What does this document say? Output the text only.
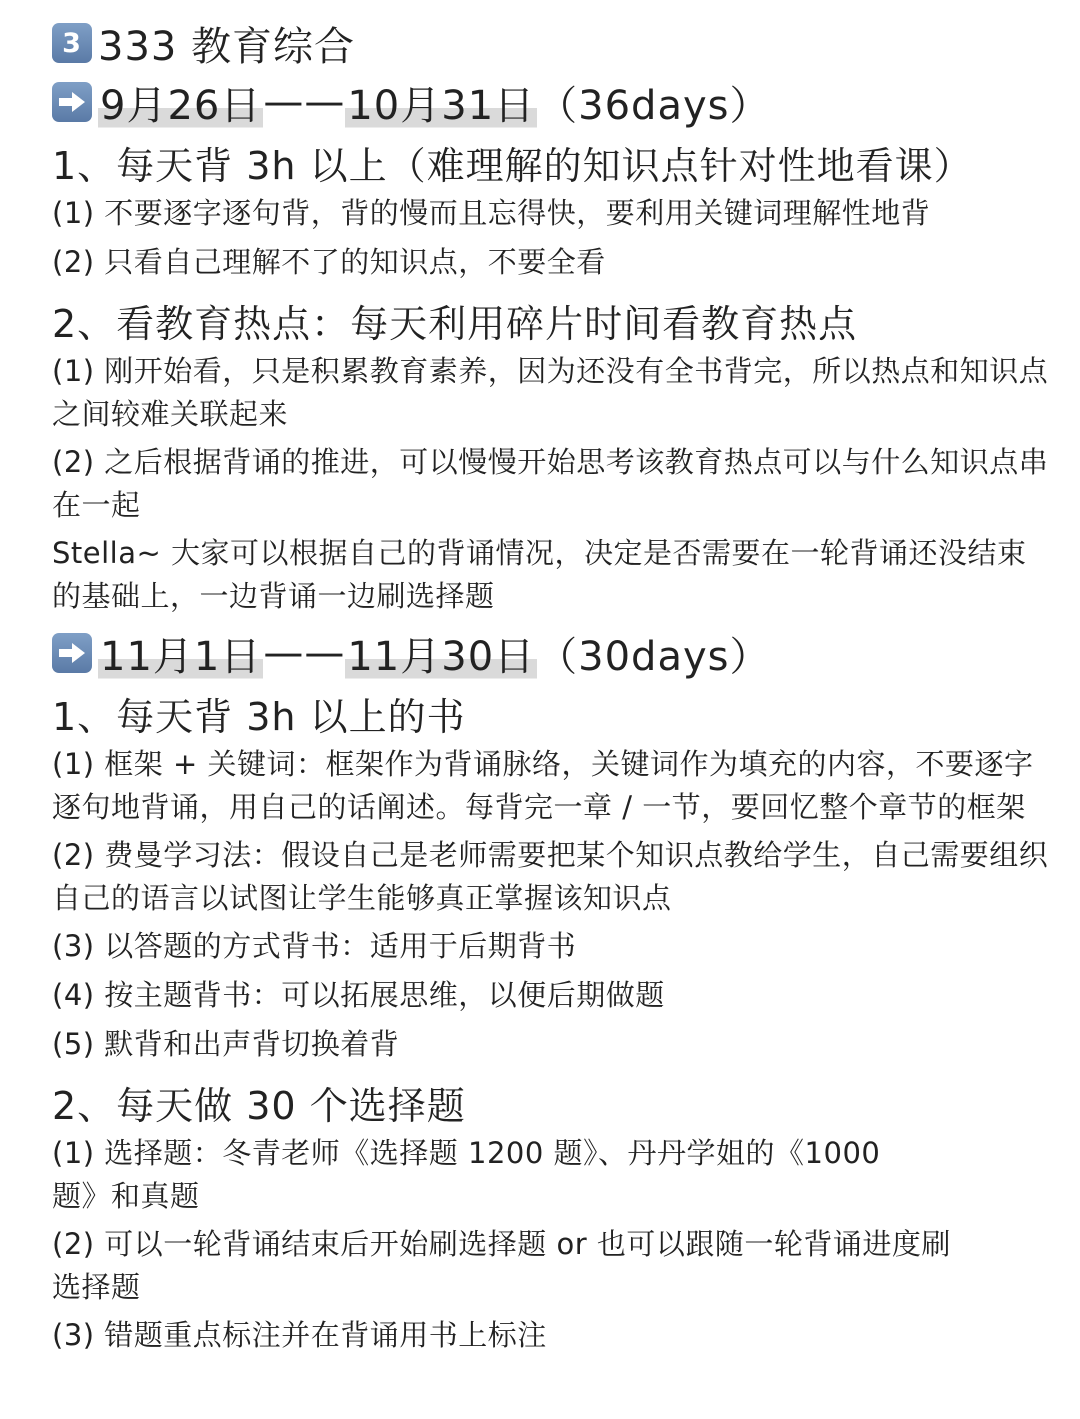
3 333 教育综合
9月26日 —— 10月31日 （36days）
1、每天背 3h 以上（难理解的知识点针对性地看课）
(1) 不要逐字逐句背，背的慢而且忘得快，要利用关键词理解性地背
(2) 只看自己理解不了的知识点，不要全看
2、看教育热点：每天利用碎片时间看教育热点
(1) 刚开始看，只是积累教育素养，因为还没有全书背完，所以热点和知识点之间较难关联起来
(2) 之后根据背诵的推进，可以慢慢开始思考该教育热点可以与什么知识点串在一起
Stella~ 大家可以根据自己的背诵情况，决定是否需要在一轮背诵还没结束的基础上，一边背诵一边刷选择题
11月1日 —— 11月30日 （30days）
1、每天背 3h 以上的书
(1) 框架 + 关键词：框架作为背诵脉络，关键词作为填充的内容，不要逐字逐句地背诵，用自己的话阐述。每背完一章 / 一节，要回忆整个章节的框架
(2) 费曼学习法：假设自己是老师需要把某个知识点教给学生，自己需要组织自己的语言以试图让学生能够真正掌握该知识点
(3) 以答题的方式背书：适用于后期背书
(4) 按主题背书：可以拓展思维，以便后期做题
(5) 默背和出声背切换着背
2、每天做 30 个选择题
(1) 选择题：冬青老师《选择题 1200 题》、丹丹学姐的《1000 题》和真题
(2) 可以一轮背诵结束后开始刷选择题 or 也可以跟随一轮背诵进度刷选择题
(3) 错题重点标注并在背诵用书上标注
